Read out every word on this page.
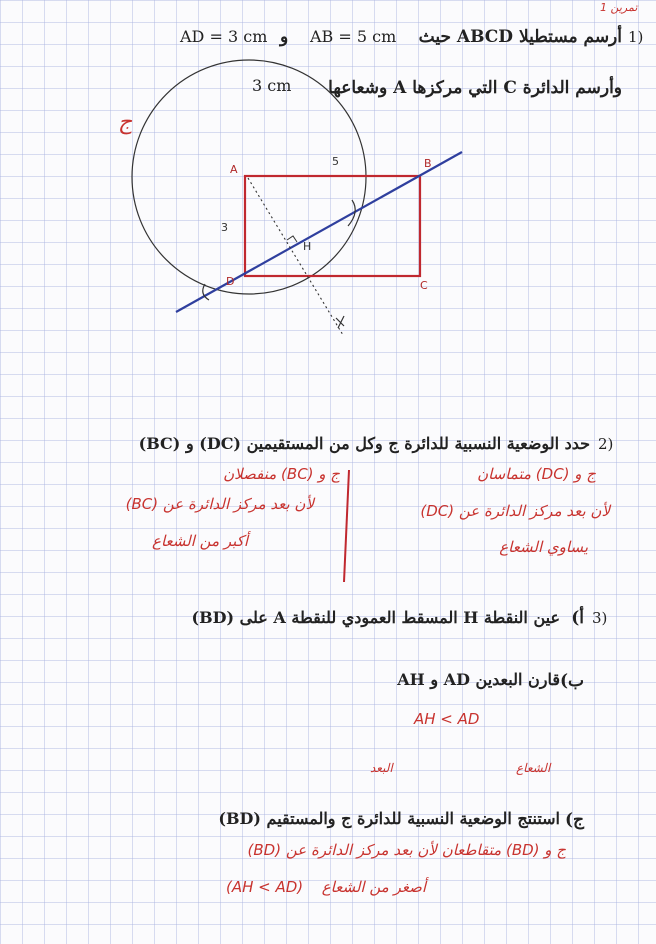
تمرين 1
1)
أرسم مستطيلا ABCD حيث
AB = 5 cm
و
AD = 3 cm
وأرسم الدائرة C التي مركزها A وشعاعها
3 cm
ج
A	B
C
D
H
5
3
2)
حدد الوضعية النسبية للدائرة ج وكل من المستقيمين (DC) و (BC)
ج و (DC) متماسان
لأن بعد مركز الدائرة عن (DC)
يساوي الشعاع
ج و (BC) منفصلان
لأن بعد مركز الدائرة عن (BC)
أكبر من الشعاع
3)
أ)
عين النقطة H المسقط العمودي للنقطة A على (BD)
ب)
قارن البعدين AD و AH
AH < AD
البعد	الشعاع
ج)
استنتج الوضعية النسبية للدائرة ج والمستقيم (BD)
ج و (BD) متقاطعان لأن بعد مركز الدائرة عن (BD)
أصغر من الشعاع
(AH < AD)
